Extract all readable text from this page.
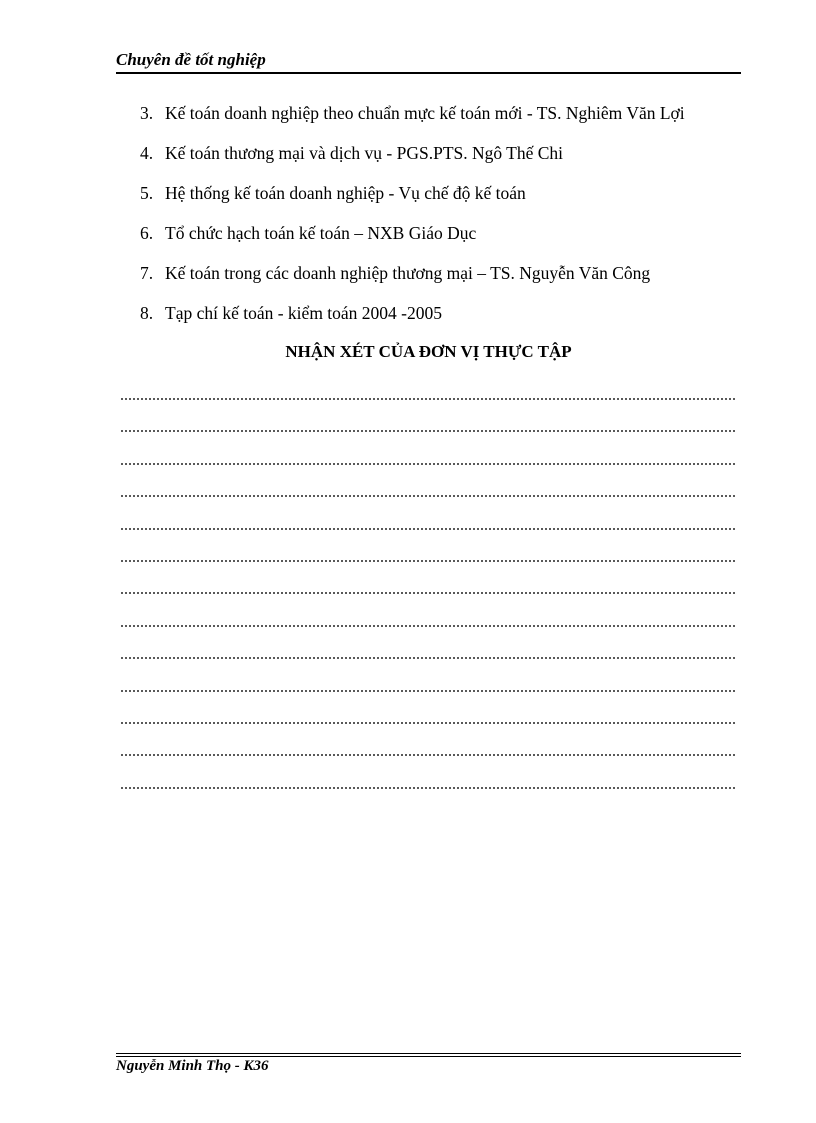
Chuyên đề tốt nghiệp
3. Kế toán doanh nghiệp theo chuẩn mực kế toán mới - TS. Nghiêm Văn Lợi
4. Kế toán thương mại và dịch vụ - PGS.PTS. Ngô Thế Chi
5. Hệ thống kế toán doanh nghiệp - Vụ chế độ kế toán
6. Tổ chức hạch toán kế toán – NXB Giáo Dục
7. Kế toán trong các doanh nghiệp thương mại – TS. Nguyễn Văn Công
8. Tạp chí kế toán - kiểm toán 2004 -2005
NHẬN XÉT CỦA ĐƠN VỊ THỰC TẬP
Nguyễn Minh Thọ - K36
